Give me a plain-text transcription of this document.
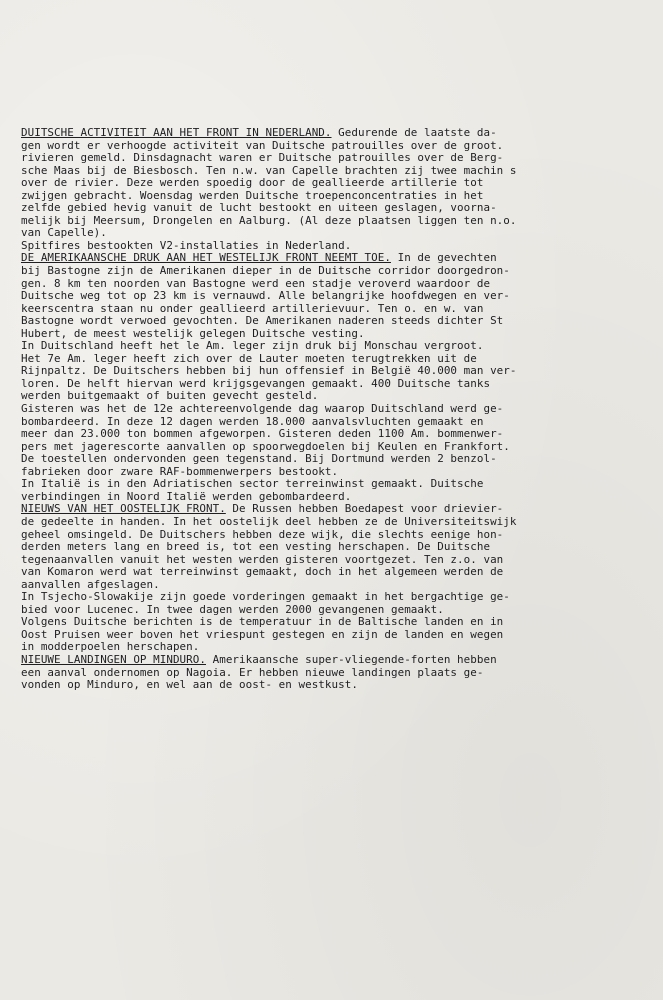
DUITSCHE ACTIVITEIT AAN HET FRONT IN NEDERLAND. Gedurende de laatste da-
gen wordt er verhoogde activiteit van Duitsche patrouilles over de groot.
rivieren gemeld. Dinsdagnacht waren er Duitsche patrouilles over de Berg-
sche Maas bij de Biesbosch. Ten n.w. van Capelle brachten zij twee machin s
over de rivier. Deze werden spoedig door de geallieerde artillerie tot
zwijgen gebracht. Woensdag werden Duitsche troepenconcentraties in het
zelfde gebied hevig vanuit de lucht bestookt en uiteen geslagen, voorna-
melijk bij Meersum, Drongelen en Aalburg. (Al deze plaatsen liggen ten n.o.
van Capelle).
Spitfires bestookten V2-installaties in Nederland.
DE AMERIKAANSCHE DRUK AAN HET WESTELIJK FRONT NEEMT TOE. In de gevechten
bij Bastogne zijn de Amerikanen dieper in de Duitsche corridor doorgedron-
gen. 8 km ten noorden van Bastogne werd een stadje veroverd waardoor de
Duitsche weg tot op 23 km is vernauwd. Alle belangrijke hoofdwegen en ver-
keerscentra staan nu onder geallieerd artillerievuur. Ten o. en w. van
Bastogne wordt verwoed gevochten. De Amerikanen naderen steeds dichter St
Hubert, de meest westelijk gelegen Duitsche vesting.
In Duitschland heeft het le Am. leger zijn druk bij Monschau vergroot.
Het 7e Am. leger heeft zich over de Lauter moeten terugtrekken uit de
Rijnpaltz. De Duitschers hebben bij hun offensief in België 40.000 man ver-
loren. De helft hiervan werd krijgsgevangen gemaakt. 400 Duitsche tanks
werden buitgemaakt of buiten gevecht gesteld.
Gisteren was het de 12e achtereenvolgende dag waarop Duitschland werd ge-
bombardeerd. In deze 12 dagen werden 18.000 aanvalsvluchten gemaakt en
meer dan 23.000 ton bommen afgeworpen. Gisteren deden 1100 Am. bommenwer-
pers met jagerescorte aanvallen op spoorwegdoelen bij Keulen en Frankfort.
De toestellen ondervonden geen tegenstand. Bij Dortmund werden 2 benzol-
fabrieken door zware RAF-bommenwerpers bestookt.
In Italië is in den Adriatischen sector terreinwinst gemaakt. Duitsche
verbindingen in Noord Italië werden gebombardeerd.
NIEUWS VAN HET OOSTELIJK FRONT. De Russen hebben Boedapest voor drievier-
de gedeelte in handen. In het oostelijk deel hebben ze de Universiteitswijk
geheel omsingeld. De Duitschers hebben deze wijk, die slechts eenige hon-
derden meters lang en breed is, tot een vesting herschapen. De Duitsche
tegenaanvallen vanuit het westen werden gisteren voortgezet. Ten z.o. van
van Komaron werd wat terreinwinst gemaakt, doch in het algemeen werden de
aanvallen afgeslagen.
In Tsjecho-Slowakije zijn goede vorderingen gemaakt in het bergachtige ge-
bied voor Lucenec. In twee dagen werden 2000 gevangenen gemaakt.
Volgens Duitsche berichten is de temperatuur in de Baltische landen en in
Oost Pruisen weer boven het vriespunt gestegen en zijn de landen en wegen
in modderpoelen herschapen.
NIEUWE LANDINGEN OP MINDURO. Amerikaansche super-vliegende-forten hebben
een aanval ondernomen op Nagoia. Er hebben nieuwe landingen plaats ge-
vonden op Minduro, en wel aan de oost- en westkust.
